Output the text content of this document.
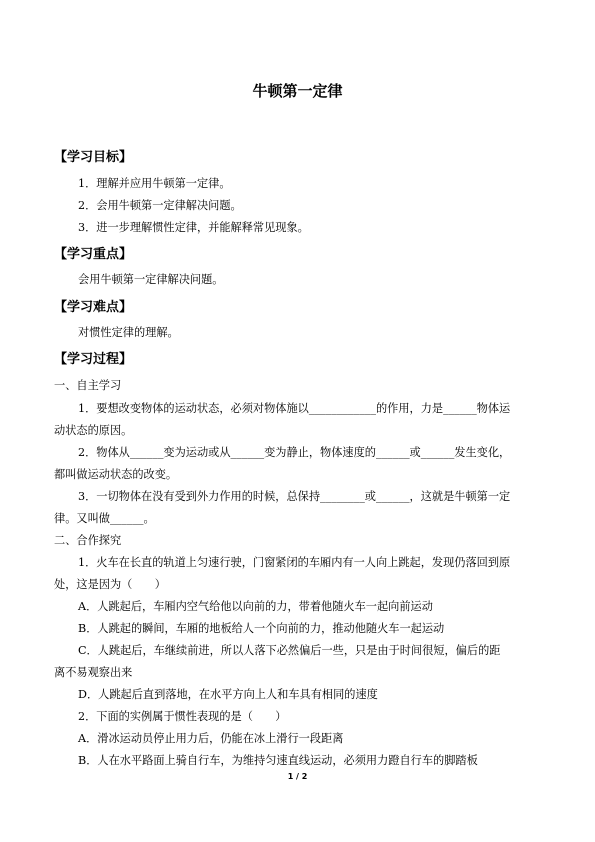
牛顿第一定律
【学习目标】
1．理解并应用牛顿第一定律。
2．会用牛顿第一定律解决问题。
3．进一步理解惯性定律，并能解释常见现象。
【学习重点】
会用牛顿第一定律解决问题。
【学习难点】
对惯性定律的理解。
【学习过程】
一、自主学习
1．要想改变物体的运动状态，必须对物体施以____________的作用，力是______物体运
动状态的原因。
2．物体从______变为运动或从______变为静止，物体速度的______或______发生变化，
都叫做运动状态的改变。
3．一切物体在没有受到外力作用的时候，总保持________或______，这就是牛顿第一定
律。又叫做______。
二、合作探究
1．火车在长直的轨道上匀速行驶，门窗紧闭的车厢内有一人向上跳起，发现仍落回到原
处，这是因为（　　）
A．人跳起后，车厢内空气给他以向前的力，带着他随火车一起向前运动
B．人跳起的瞬间，车厢的地板给人一个向前的力，推动他随火车一起运动
C．人跳起后，车继续前进，所以人落下必然偏后一些，只是由于时间很短，偏后的距
离不易观察出来
D．人跳起后直到落地，在水平方向上人和车具有相同的速度
2．下面的实例属于惯性表现的是（　　）
A．滑冰运动员停止用力后，仍能在冰上滑行一段距离
B．人在水平路面上骑自行车，为维持匀速直线运动，必须用力蹬自行车的脚踏板
1 / 2
